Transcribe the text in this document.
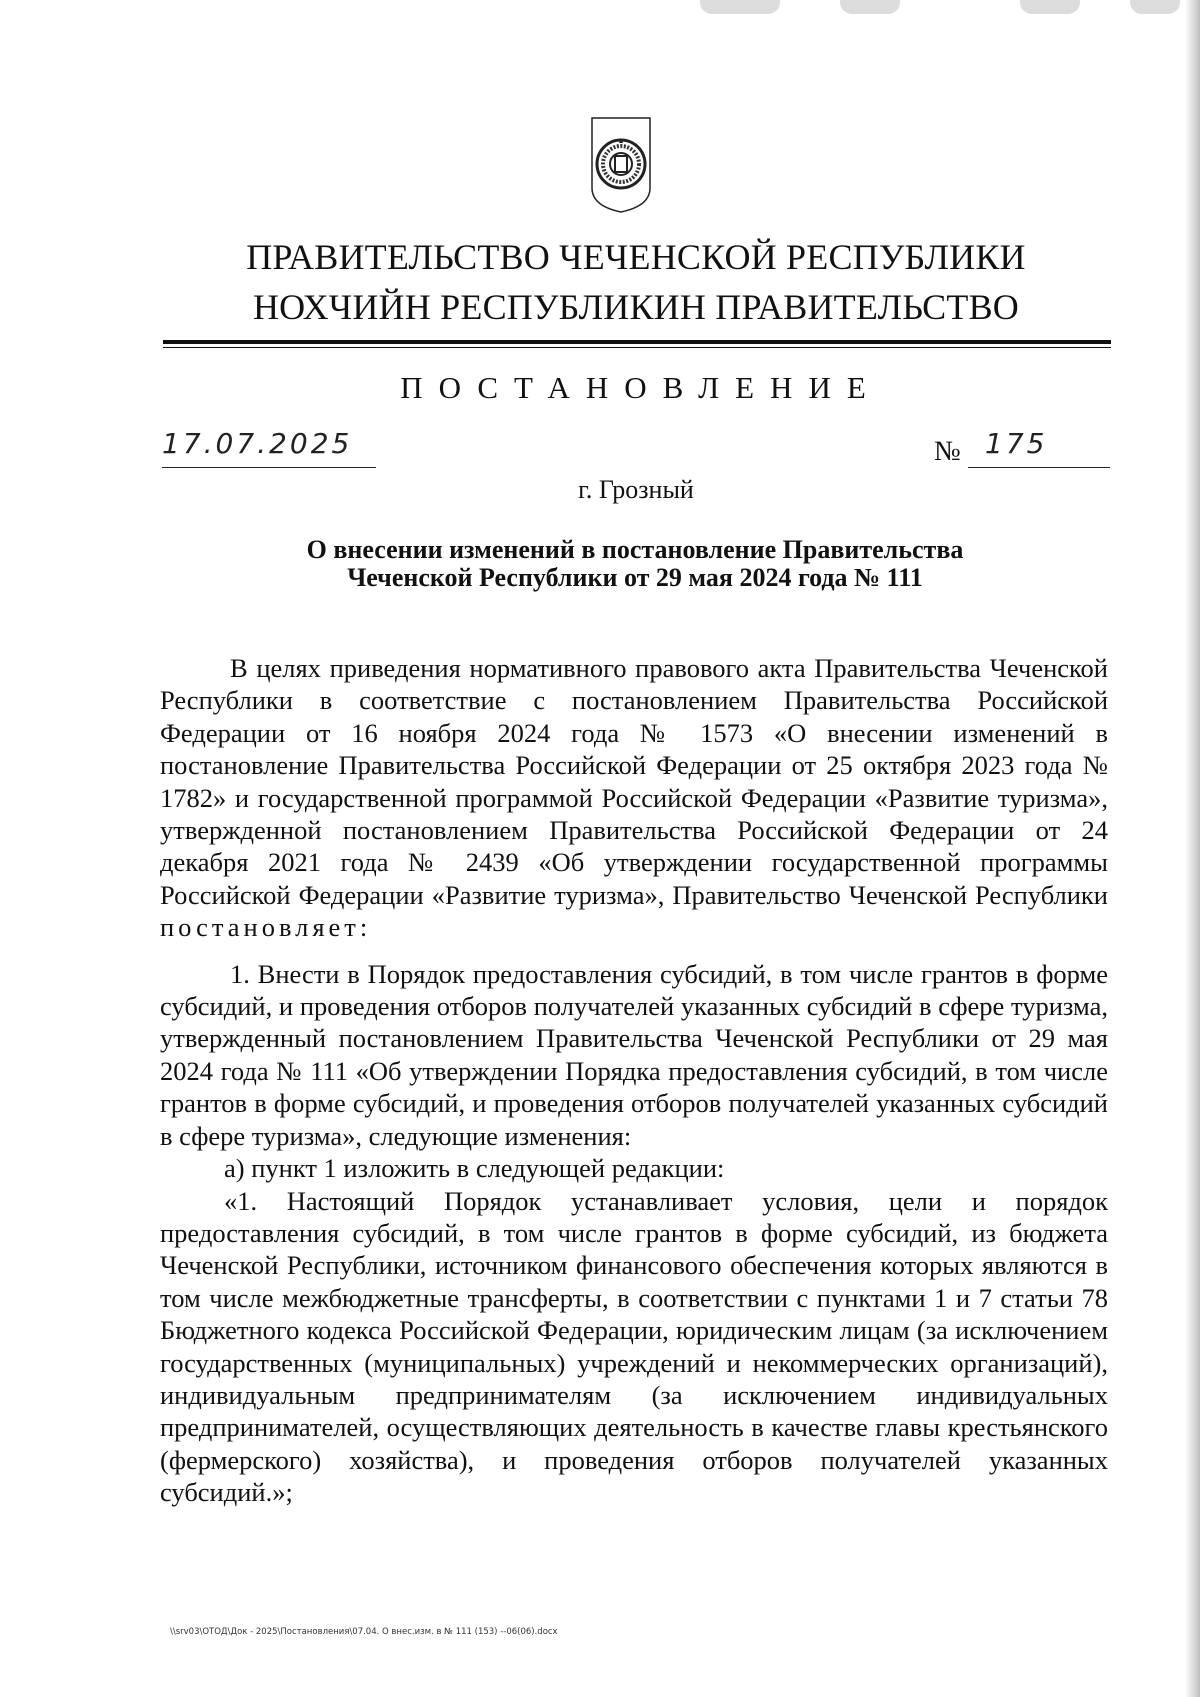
ПРАВИТЕЛЬСТВО ЧЕЧЕНСКОЙ РЕСПУБЛИКИ
НОХЧИЙН РЕСПУБЛИКИН ПРАВИТЕЛЬСТВО
ПОСТАНОВЛЕНИЕ
17.07.2025	№ 175
г. Грозный
О внесении изменений в постановление Правительства
Чеченской Республики от 29 мая 2024 года № 111

В целях приведения нормативного правового акта Правительства Чеченской Республики в соответствие с постановлением Правительства Российской Федерации от 16 ноября 2024 года № 1573 «О внесении изменений в постановление Правительства Российской Федерации от 25 октября 2023 года № 1782» и государственной программой Российской Федерации «Развитие туризма», утвержденной постановлением Правительства Российской Федерации от 24 декабря 2021 года № 2439 «Об утверждении государственной программы Российской Федерации «Развитие туризма», Правительство Чеченской Республики постановляет:

1. Внести в Порядок предоставления субсидий, в том числе грантов в форме субсидий, и проведения отборов получателей указанных субсидий в сфере туризма, утвержденный постановлением Правительства Чеченской Республики от 29 мая 2024 года № 111 «Об утверждении Порядка предоставления субсидий, в том числе грантов в форме субсидий, и проведения отборов получателей указанных субсидий в сфере туризма», следующие изменения:

а) пункт 1 изложить в следующей редакции:

«1. Настоящий Порядок устанавливает условия, цели и порядок предоставления субсидий, в том числе грантов в форме субсидий, из бюджета Чеченской Республики, источником финансового обеспечения которых являются в том числе межбюджетные трансферты, в соответствии с пунктами 1 и 7 статьи 78 Бюджетного кодекса Российской Федерации, юридическим лицам (за исключением государственных (муниципальных) учреждений и некоммерческих организаций), индивидуальным предпринимателям (за исключением индивидуальных предпринимателей, осуществляющих деятельность в качестве главы крестьянского (фермерского) хозяйства), и проведения отборов получателей указанных субсидий.»;

\\srv03\ОТОД\Док - 2025\Постановления\07.04. О внес.изм. в № 111 (153) --06(06).docx
